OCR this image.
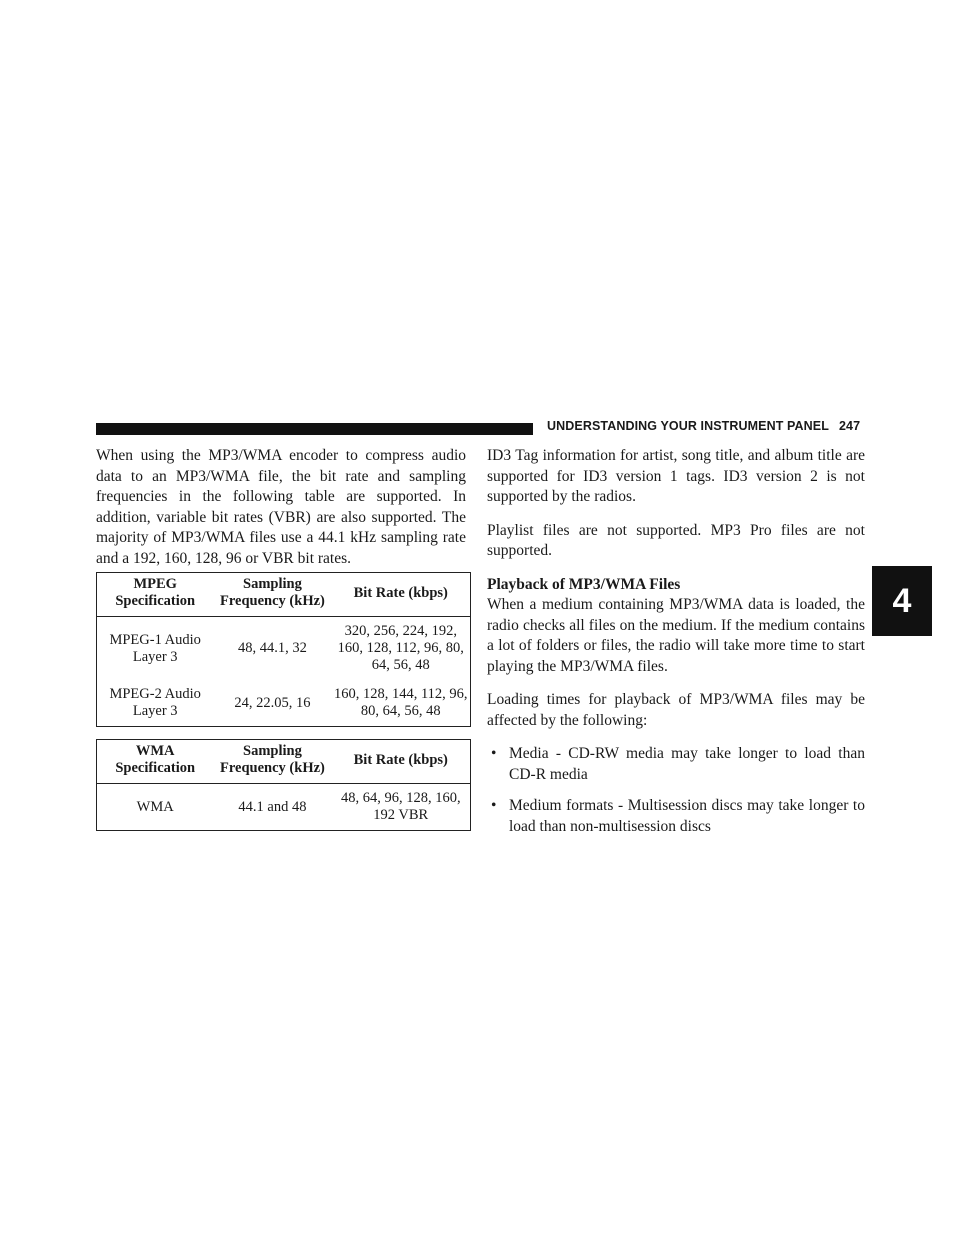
UNDERSTANDING YOUR INSTRUMENT PANEL 247
4

When using the MP3/WMA encoder to compress audio data to an MP3/WMA file, the bit rate and sampling frequencies in the following table are supported. In addition, variable bit rates (VBR) are also supported. The majority of MP3/WMA files use a 44.1 kHz sampling rate and a 192, 160, 128, 96 or VBR bit rates.

MPEG Specification	Sampling Frequency (kHz)	Bit Rate (kbps)
MPEG-1 Audio Layer 3	48, 44.1, 32	320, 256, 224, 192, 160, 128, 112, 96, 80, 64, 56, 48
MPEG-2 Audio Layer 3	24, 22.05, 16	160, 128, 144, 112, 96, 80, 64, 56, 48
WMA Specification	Sampling Frequency (kHz)	Bit Rate (kbps)
WMA	44.1 and 48	48, 64, 96, 128, 160, 192 VBR

ID3 Tag information for artist, song title, and album title are supported for ID3 version 1 tags. ID3 version 2 is not supported by the radios.

Playlist files are not supported. MP3 Pro files are not supported.

Playback of MP3/WMA Files

When a medium containing MP3/WMA data is loaded, the radio checks all files on the medium. If the medium contains a lot of folders or files, the radio will take more time to start playing the MP3/WMA files.

Loading times for playback of MP3/WMA files may be affected by the following:

• Media - CD-RW media may take longer to load than CD-R media
• Medium formats - Multisession discs may take longer to load than non-multisession discs
